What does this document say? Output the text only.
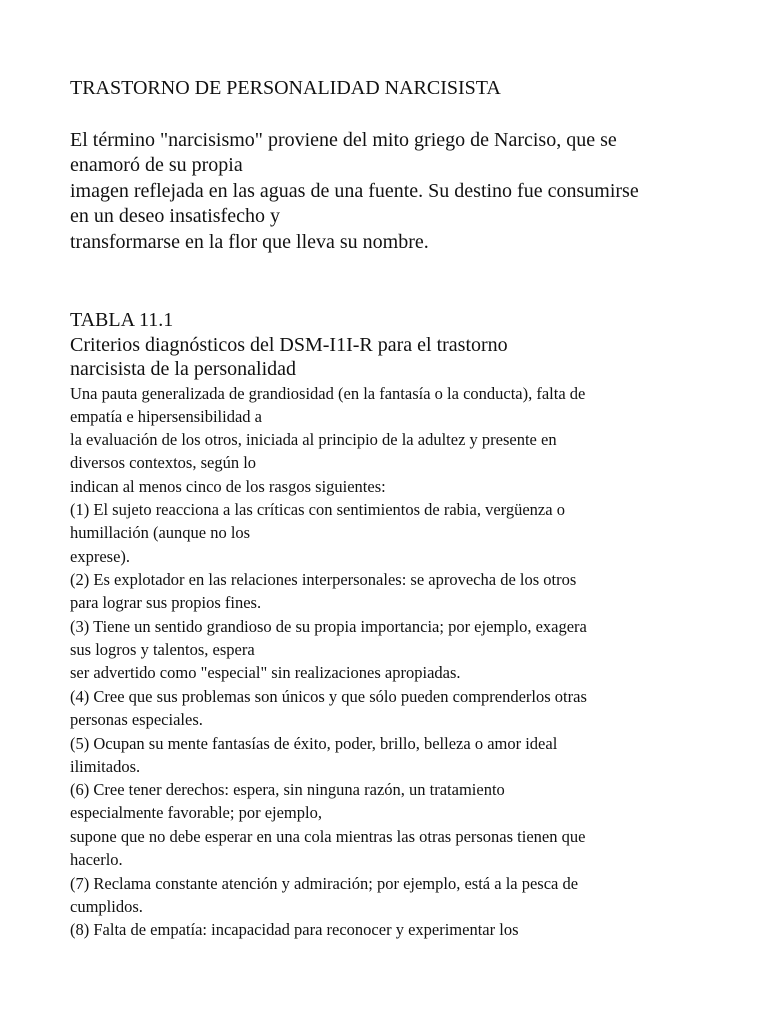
TRASTORNO DE PERSONALIDAD NARCISISTA
El término "narcisismo" proviene del mito griego de Narciso, que se
enamoró de su propia
imagen reflejada en las aguas de una fuente. Su destino fue consumirse
en un deseo insatisfecho y
transformarse en la flor que lleva su nombre.
TABLA 11.1
Criterios diagnósticos del DSM-I1I-R para el trastorno
narcisista de la personalidad
Una pauta generalizada de grandiosidad (en la fantasía o la conducta), falta de
empatía e hipersensibilidad a
la evaluación de los otros, iniciada al principio de la adultez y presente en
diversos contextos, según lo
indican al menos cinco de los rasgos siguientes:
(1) El sujeto reacciona a las críticas con sentimientos de rabia, vergüenza o
humillación (aunque no los
exprese).
(2) Es explotador en las relaciones interpersonales: se aprovecha de los otros
para lograr sus propios fines.
(3) Tiene un sentido grandioso de su propia importancia; por ejemplo, exagera
sus logros y talentos, espera
ser advertido como "especial" sin realizaciones apropiadas.
(4) Cree que sus problemas son únicos y que sólo pueden comprenderlos otras
personas especiales.
(5) Ocupan su mente fantasías de éxito, poder, brillo, belleza o amor ideal
ilimitados.
(6) Cree tener derechos: espera, sin ninguna razón, un tratamiento
especialmente favorable; por ejemplo,
supone que no debe esperar en una cola mientras las otras personas tienen que
hacerlo.
(7) Reclama constante atención y admiración; por ejemplo, está a la pesca de
cumplidos.
(8) Falta de empatía: incapacidad para reconocer y experimentar los
